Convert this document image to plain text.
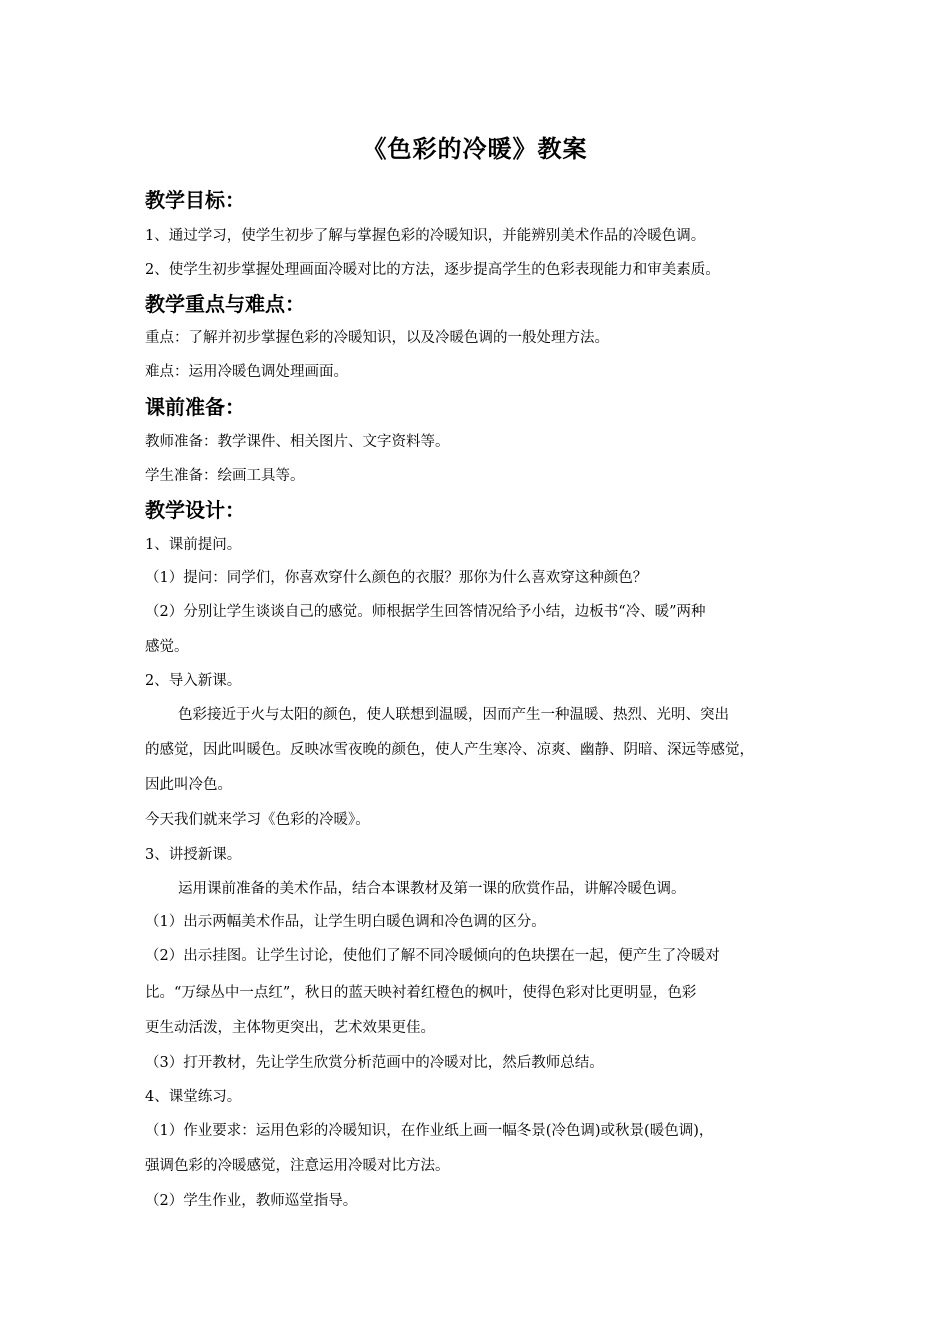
《色彩的冷暖》教案
教学目标：
1、通过学习，使学生初步了解与掌握色彩的冷暖知识，并能辨别美术作品的冷暖色调。
2、使学生初步掌握处理画面冷暖对比的方法，逐步提高学生的色彩表现能力和审美素质。
教学重点与难点：
重点：了解并初步掌握色彩的冷暖知识，以及冷暖色调的一般处理方法。
难点：运用冷暖色调处理画面。
课前准备：
教师准备：教学课件、相关图片、文字资料等。
学生准备：绘画工具等。
教学设计：
1、课前提问。
（1）提问：同学们，你喜欢穿什么颜色的衣服？那你为什么喜欢穿这种颜色？
（2）分别让学生谈谈自己的感觉。师根据学生回答情况给予小结，边板书“冷、暖”两种
感觉。
2、导入新课。
色彩接近于火与太阳的颜色，使人联想到温暖，因而产生一种温暖、热烈、光明、突出
的感觉，因此叫暖色。反映冰雪夜晚的颜色，使人产生寒冷、凉爽、幽静、阴暗、深远等感觉，
因此叫冷色。
今天我们就来学习《色彩的冷暖》。
3、讲授新课。
运用课前准备的美术作品，结合本课教材及第一课的欣赏作品，讲解冷暖色调。
（1）出示两幅美术作品，让学生明白暖色调和冷色调的区分。
（2）出示挂图。让学生讨论，使他们了解不同冷暖倾向的色块摆在一起，便产生了冷暖对
比。“万绿丛中一点红”，秋日的蓝天映衬着红橙色的枫叶，使得色彩对比更明显，色彩
更生动活泼，主体物更突出，艺术效果更佳。
（3）打开教材，先让学生欣赏分析范画中的冷暖对比，然后教师总结。
4、课堂练习。
（1）作业要求：运用色彩的冷暖知识，在作业纸上画一幅冬景(冷色调)或秋景(暖色调)，
强调色彩的冷暖感觉，注意运用冷暖对比方法。
（2）学生作业，教师巡堂指导。
